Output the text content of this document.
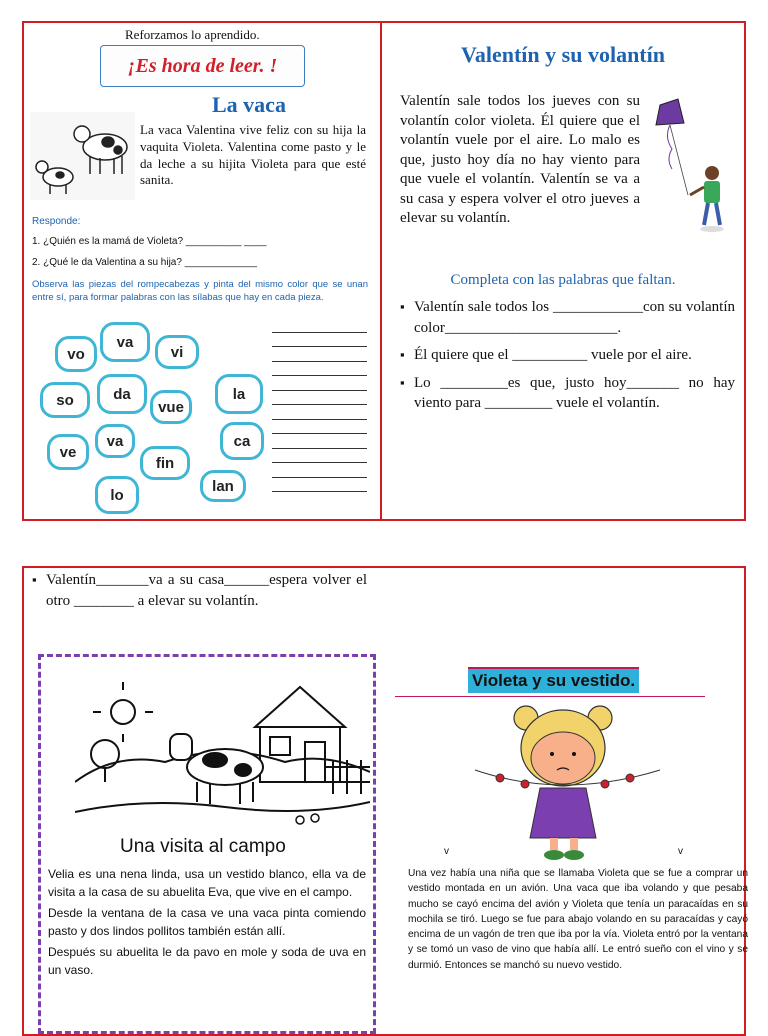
Reforzamos lo aprendido.
¡Es hora de leer. !
La vaca
La vaca Valentina vive feliz con su hija la vaquita Violeta. Valentina come pasto y le da leche a su hijita Violeta para que esté sanita.
Responde:
1. ¿Quién es la mamá de Violeta? __________ ____
2. ¿Qué le da Valentina a su hija? _____________
Observa las piezas del rompecabezas y pinta del mismo color que se unan entre sí, para formar palabras con las sílabas que hay en cada pieza.
vo
va
vi
so	da
vue
la
ve
va	ca
fin
lan
lo
Valentín y su volantín
Valentín sale todos los jueves con su volantín color violeta. Él quiere que el volantín vuele por el aire. Lo malo es que, justo hoy día no hay viento para que vuele el volantín. Valentín se va a su casa y espera volver el otro jueves a elevar su volantín.
Completa con las palabras que faltan.
▪ Valentín sale todos los ____________con su volantín color_______________________.
▪ Él quiere que el __________ vuele por el aire.
▪ Lo _________es que, justo hoy_______ no hay viento para _________ vuele el volantín.
▪ Valentín_______va a su casa______espera volver el otro ________ a elevar su volantín.
Una visita al campo

Velia es una nena linda, usa un vestido blanco, ella va de visita a la casa de su abuelita Eva, que vive en el campo.

Desde la ventana de la casa ve una vaca pinta comiendo pasto y dos lindos pollitos también están allí.

Después su abuelita le da pavo en mole y soda de uva en un vaso.

Violeta y su vestido.
v	v
Una vez había una niña que se llamaba Violeta que se fue a comprar un vestido montada en un avión. Una vaca que iba volando y que pesaba mucho se cayó encima del avión y Violeta que tenía un paracaídas en su mochila se tiró. Luego se fue para abajo volando en su paracaídas y cayó encima de un vagón de tren que iba por la vía. Violeta entró por la ventana y se tomó un vaso de vino que había allí. Le entró sueño con el vino y se durmió. Entonces se manchó su nuevo vestido.
